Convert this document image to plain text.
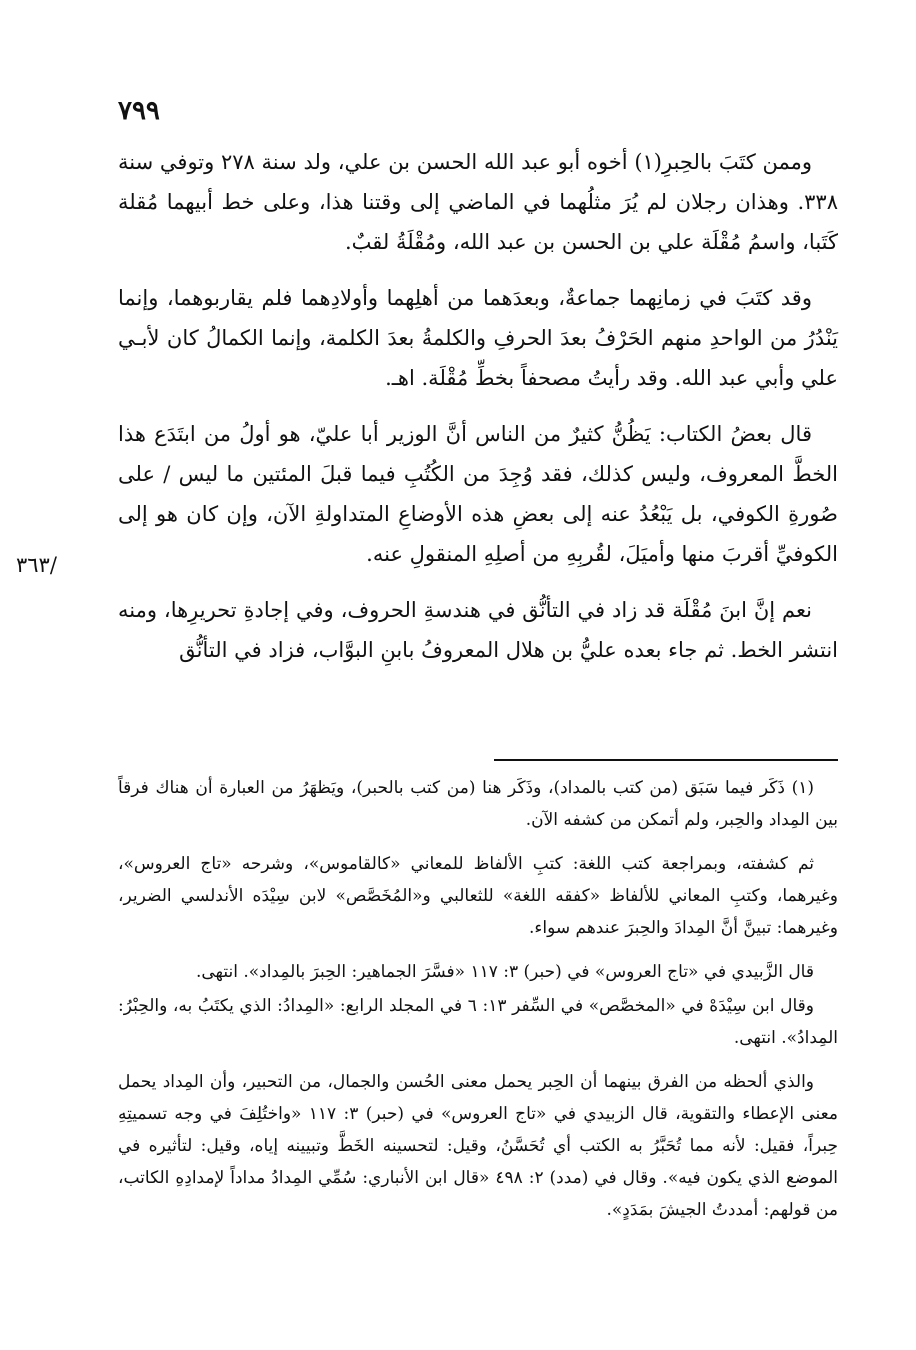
٧٩٩

وممن كتَبَ بالحِبرِ(١) أخوه أبو عبد الله الحسن بن علي، ولد سنة ٢٧٨ وتوفي سنة ٣٣٨. وهذان رجلان لم يُرَ مثلُهما في الماضي إلى وقتنا هذا، وعلى خط أبيهما مُقلة كَتَبا، واسمُ مُقْلَة علي بن الحسن بن عبد الله، ومُقْلَةُ لقبٌ.

وقد كتَبَ في زمانِهما جماعةٌ، وبعدَهما من أهلِهما وأولادِهما فلم يقاربوهما، وإنما يَنْدُرُ من الواحدِ منهم الحَرْفُ بعدَ الحرفِ والكلمةُ بعدَ الكلمة، وإنما الكمالُ كان لأبـي علي وأبي عبد الله. وقد رأيتُ مصحفاً بخطِّ مُقْلَة. اهـ.

قال بعضُ الكتاب: يَظُنُّ كثيرٌ من الناس أنَّ الوزير أبا عليّ، هو أولُ من ابتَدَع هذا الخطَّ المعروف، وليس كذلك، فقد وُجِدَ من الكُتُبِ فيما قبلَ المئتين ما ليس / على صُورةِ الكوفي، بل يَبْعُدُ عنه إلى بعضِ هذه الأوضاعِ المتداولةِ الآن، وإن كان هو إلى الكوفيِّ أقربَ منها وأميَلَ، لقُربِهِ من أصلِهِ المنقولِ عنه.

نعم إنَّ ابنَ مُقْلَة قد زاد في التأنُّق في هندسةِ الحروف، وفي إجادةِ تحريرِها، ومنه انتشر الخط. ثم جاء بعده عليُّ بن هلال المعروفُ بابنِ البوَّاب، فزاد في التأنُّق

/٣٦٣

(١) ذَكَر فيما سَبَق (من كتب بالمداد)، وذَكَر هنا (من كتب بالحبر)، ويَظهَرُ من العبارة أن هناك فرقاً بين المِداد والحِبر، ولم أتمكن من كشفه الآن.

ثم كشفته، وبمراجعة كتب اللغة: كتبِ الألفاظ للمعاني «كالقاموس»، وشرحه «تاج العروس»، وغيرهما، وكتبِ المعاني للألفاظ «كفقه اللغة» للثعالبي و«المُخَصَّص» لابن سِيْدَه الأندلسي الضرير، وغيرهما: تبينَّ أنَّ المِدادَ والحِبرَ عندهم سواء.

قال الزَّبيدي في «تاج العروس» في (حبر) ٣: ١١٧ «فسَّرَ الجماهير: الحِبرَ بالمِداد». انتهى.

وقال ابن سِيْدَهْ في «المخصَّص» في السِّفر ١٣: ٦ في المجلد الرابع: «المِدادُ: الذي يكتَبُ به، والحِبْرُ: المِدادُ». انتهى.

والذي ألحظه من الفرق بينهما أن الحِبر يحمل معنى الحُسن والجمال، من التحبير، وأن المِداد يحمل معنى الإعطاء والتقوية، قال الزبيدي في «تاج العروس» في (حبر) ٣: ١١٧ «واختُلِفَ في وجه تسميتِهِ حِبراً، فقيل: لأنه مما تُحَبَّرُ به الكتب أي تُحَسَّنُ، وقيل: لتحسينه الخَطَّ وتبيينه إياه، وقيل: لتأثيره في الموضع الذي يكون فيه». وقال في (مدد) ٢: ٤٩٨ «قال ابن الأنباري: سُمِّي المِدادُ مداداً لإمدادِهِ الكاتب، من قولهم: أمددتُ الجيشَ بمَدَدٍ».
